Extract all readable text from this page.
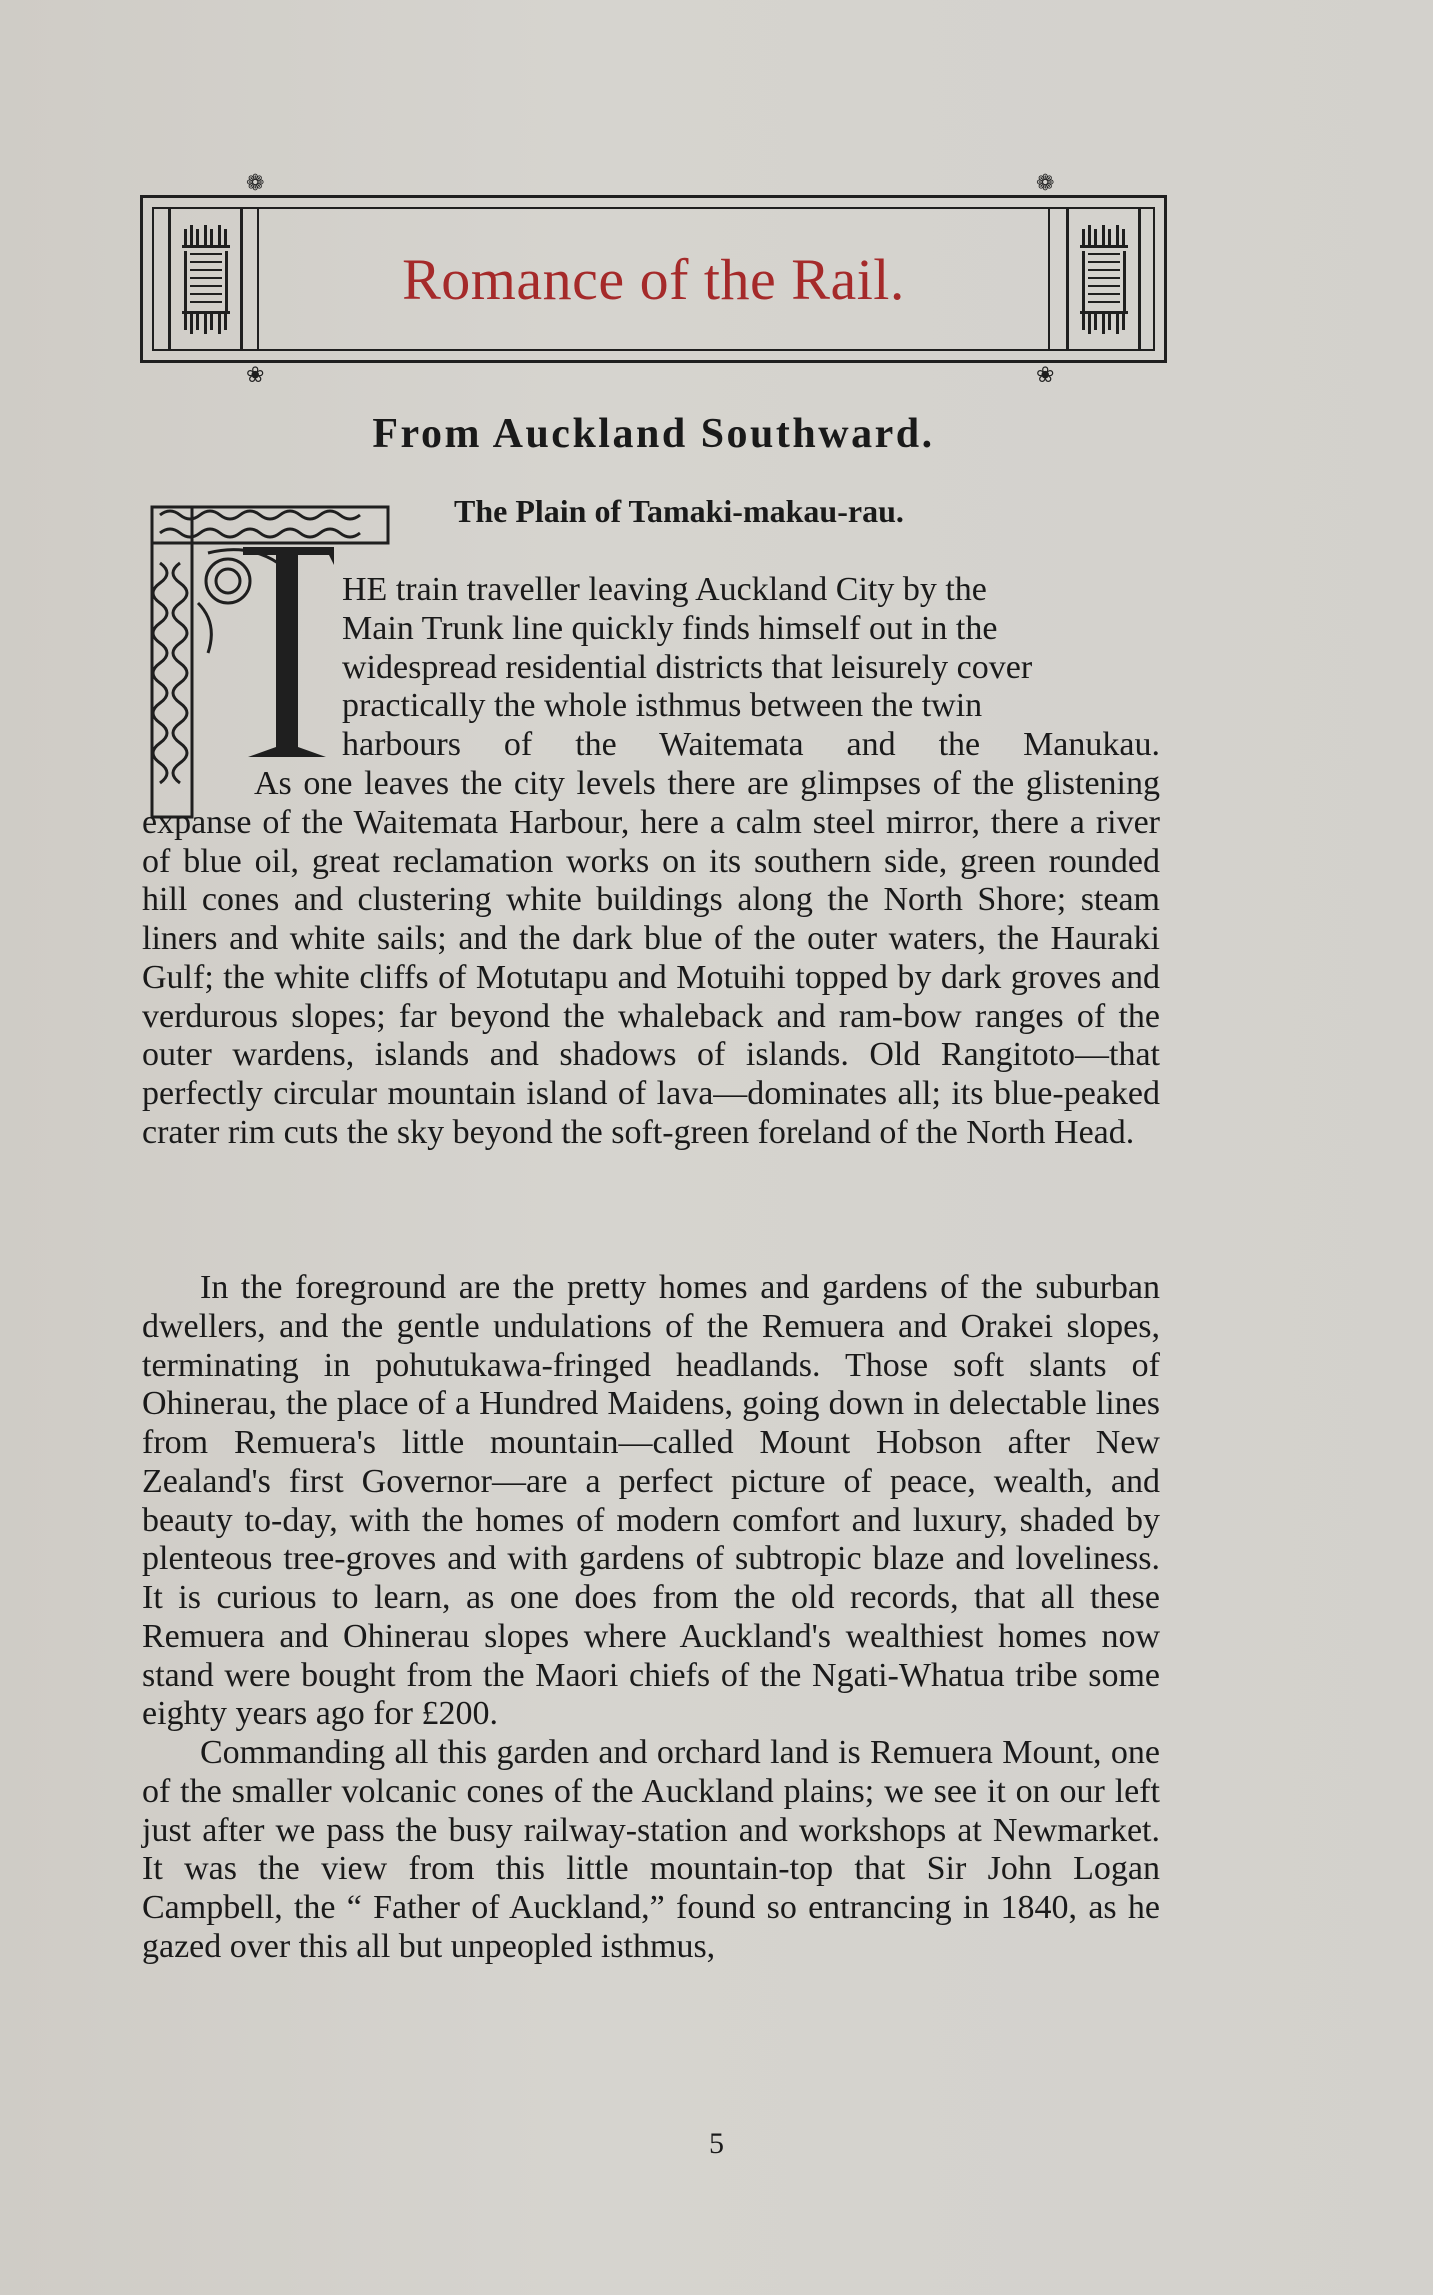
❁	❁
Romance of the Rail.
❀	❀
From Auckland Southward.
The Plain of Tamaki-makau-rau.
HE train traveller leaving Auckland City by the
Main Trunk line quickly finds himself out in the
widespread residential districts that leisurely cover
practically the whole isthmus between the twin
harbours of the Waitemata and the Manukau.

As one leaves the city levels there are glimpses of the glistening expanse of the Waitemata Harbour, here a calm steel mirror, there a river of blue oil, great reclamation works on its southern side, green rounded hill cones and clustering white buildings along the North Shore; steam liners and white sails; and the dark blue of the outer waters, the Hauraki Gulf; the white cliffs of Motutapu and Motuihi topped by dark groves and verdurous slopes; far beyond the whaleback and ram-bow ranges of the outer wardens, islands and shadows of islands. Old Rangitoto—that perfectly circular mountain island of lava—dominates all; its blue-peaked crater rim cuts the sky beyond the soft-green foreland of the North Head.

In the foreground are the pretty homes and gardens of the suburban dwellers, and the gentle undulations of the Remuera and Orakei slopes, terminating in pohutukawa-fringed headlands. Those soft slants of Ohinerau, the place of a Hundred Maidens, going down in delectable lines from Remuera's little mountain—called Mount Hobson after New Zealand's first Governor—are a perfect picture of peace, wealth, and beauty to-day, with the homes of modern comfort and luxury, shaded by plenteous tree-groves and with gardens of subtropic blaze and loveliness. It is curious to learn, as one does from the old records, that all these Remuera and Ohinerau slopes where Auckland's wealthiest homes now stand were bought from the Maori chiefs of the Ngati-Whatua tribe some eighty years ago for £200.

Commanding all this garden and orchard land is Remuera Mount, one of the smaller volcanic cones of the Auckland plains; we see it on our left just after we pass the busy railway-station and workshops at Newmarket. It was the view from this little mountain-top that Sir John Logan Campbell, the “ Father of Auckland,” found so entrancing in 1840, as he gazed over this all but unpeopled isthmus,

5
